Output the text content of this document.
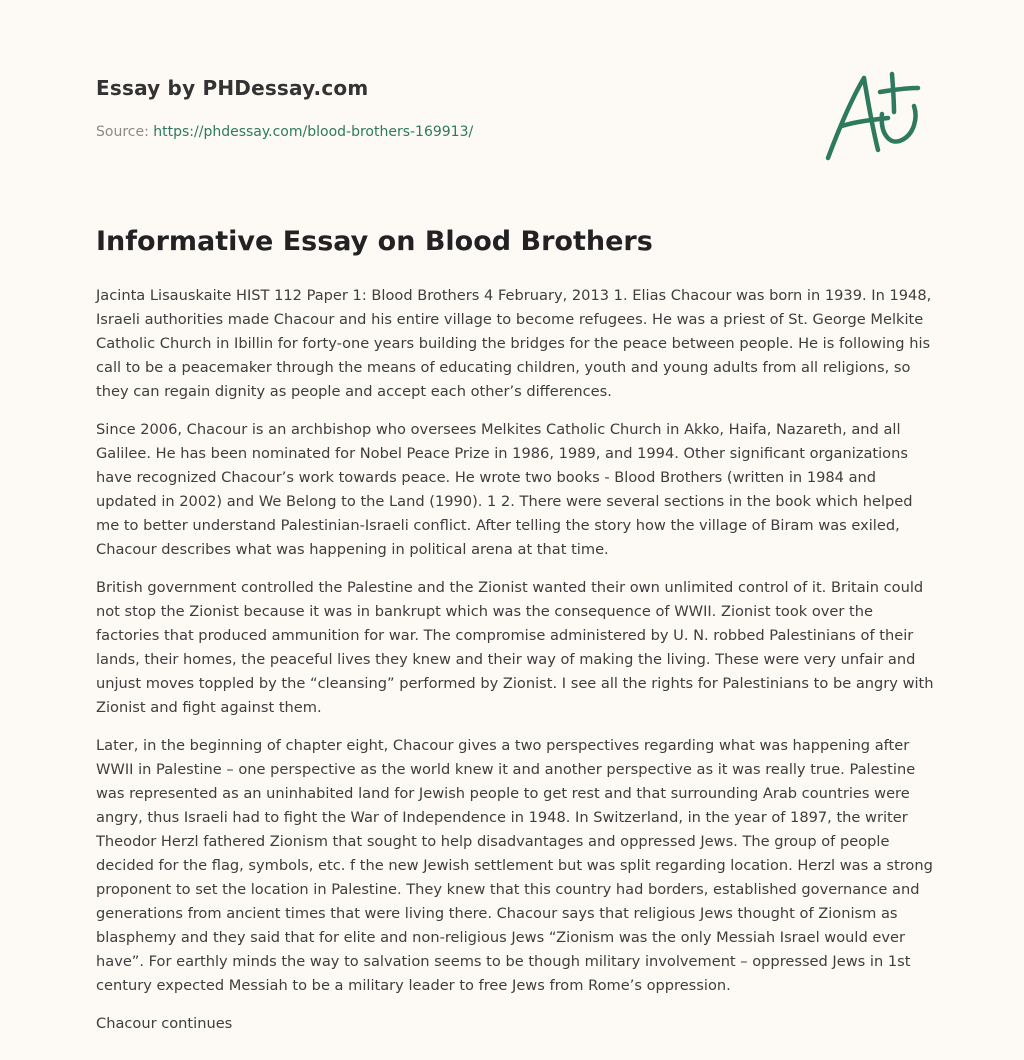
Essay by PHDessay.com

Source: https://phdessay.com/blood-brothers-169913/

Informative Essay on Blood Brothers

Jacinta Lisauskaite HIST 112 Paper 1: Blood Brothers 4 February, 2013 1. Elias Chacour was born in 1939. In 1948, Israeli authorities made Chacour and his entire village to become refugees. He was a priest of St. George Melkite Catholic Church in Ibillin for forty-one years building the bridges for the peace between people. He is following his call to be a peacemaker through the means of educating children, youth and young adults from all religions, so they can regain dignity as people and accept each other’s differences.

Since 2006, Chacour is an archbishop who oversees Melkites Catholic Church in Akko, Haifa, Nazareth, and all Galilee. He has been nominated for Nobel Peace Prize in 1986, 1989, and 1994. Other significant organizations have recognized Chacour’s work towards peace. He wrote two books - Blood Brothers (written in 1984 and updated in 2002) and We Belong to the Land (1990). 1 2. There were several sections in the book which helped me to better understand Palestinian-Israeli conflict. After telling the story how the village of Biram was exiled, Chacour describes what was happening in political arena at that time.

British government controlled the Palestine and the Zionist wanted their own unlimited control of it. Britain could not stop the Zionist because it was in bankrupt which was the consequence of WWII. Zionist took over the factories that produced ammunition for war. The compromise administered by U. N. robbed Palestinians of their lands, their homes, the peaceful lives they knew and their way of making the living. These were very unfair and unjust moves toppled by the “cleansing” performed by Zionist. I see all the rights for Palestinians to be angry with Zionist and fight against them.

Later, in the beginning of chapter eight, Chacour gives a two perspectives regarding what was happening after WWII in Palestine – one perspective as the world knew it and another perspective as it was really true. Palestine was represented as an uninhabited land for Jewish people to get rest and that surrounding Arab countries were angry, thus Israeli had to fight the War of Independence in 1948. In Switzerland, in the year of 1897, the writer Theodor Herzl fathered Zionism that sought to help disadvantages and oppressed Jews. The group of people decided for the flag, symbols, etc. f the new Jewish settlement but was split regarding location. Herzl was a strong proponent to set the location in Palestine. They knew that this country had borders, established governance and generations from ancient times that were living there. Chacour says that religious Jews thought of Zionism as blasphemy and they said that for elite and non-religious Jews “Zionism was the only Messiah Israel would ever have”. For earthly minds the way to salvation seems to be though military involvement – oppressed Jews in 1st century expected Messiah to be a military leader to free Jews from Rome’s oppression.

Chacour continues
